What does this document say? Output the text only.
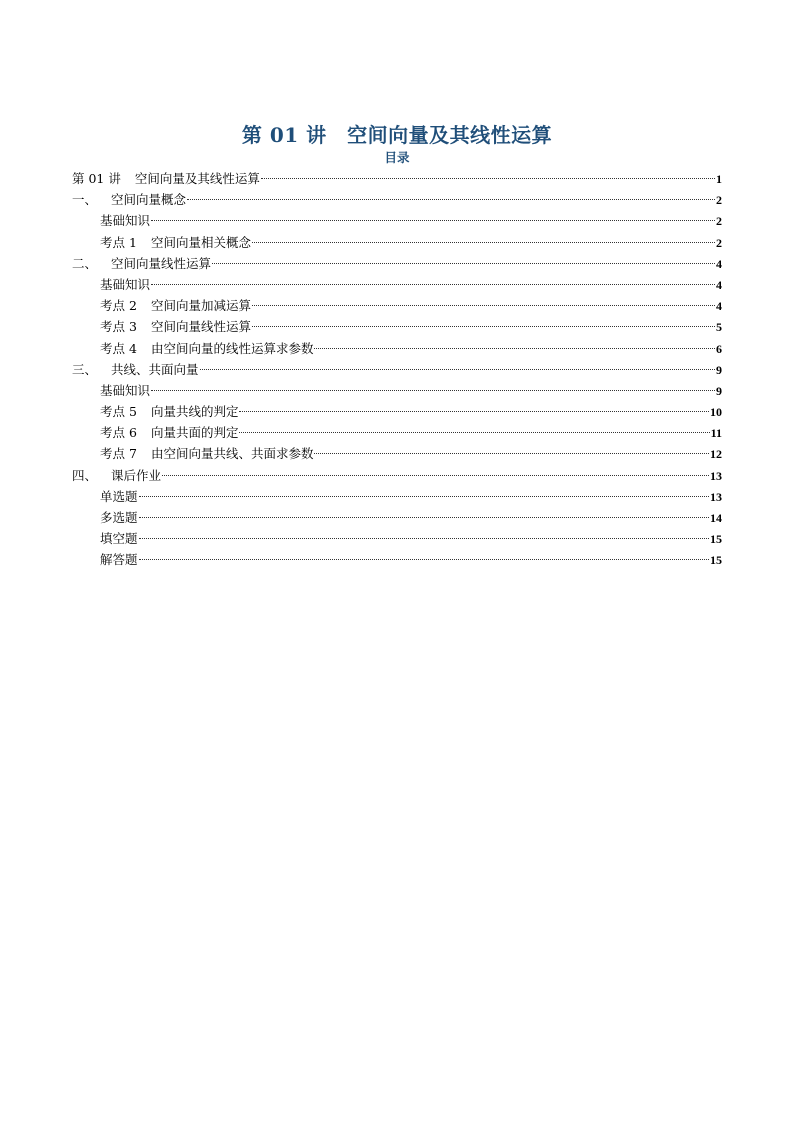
第 01 讲　空间向量及其线性运算
目录
第 01 讲 空间向量及其线性运算	1
一、 空间向量概念	2
基础知识	2
考点 1 空间向量相关概念	2
二、 空间向量线性运算	4
基础知识	4
考点 2 空间向量加减运算	4
考点 3 空间向量线性运算	5
考点 4 由空间向量的线性运算求参数	6
三、 共线、共面向量	9
基础知识	9
考点 5 向量共线的判定	10
考点 6 向量共面的判定	11
考点 7 由空间向量共线、共面求参数	12
四、 课后作业	13
单选题	13
多选题	14
填空题	15
解答题	15
